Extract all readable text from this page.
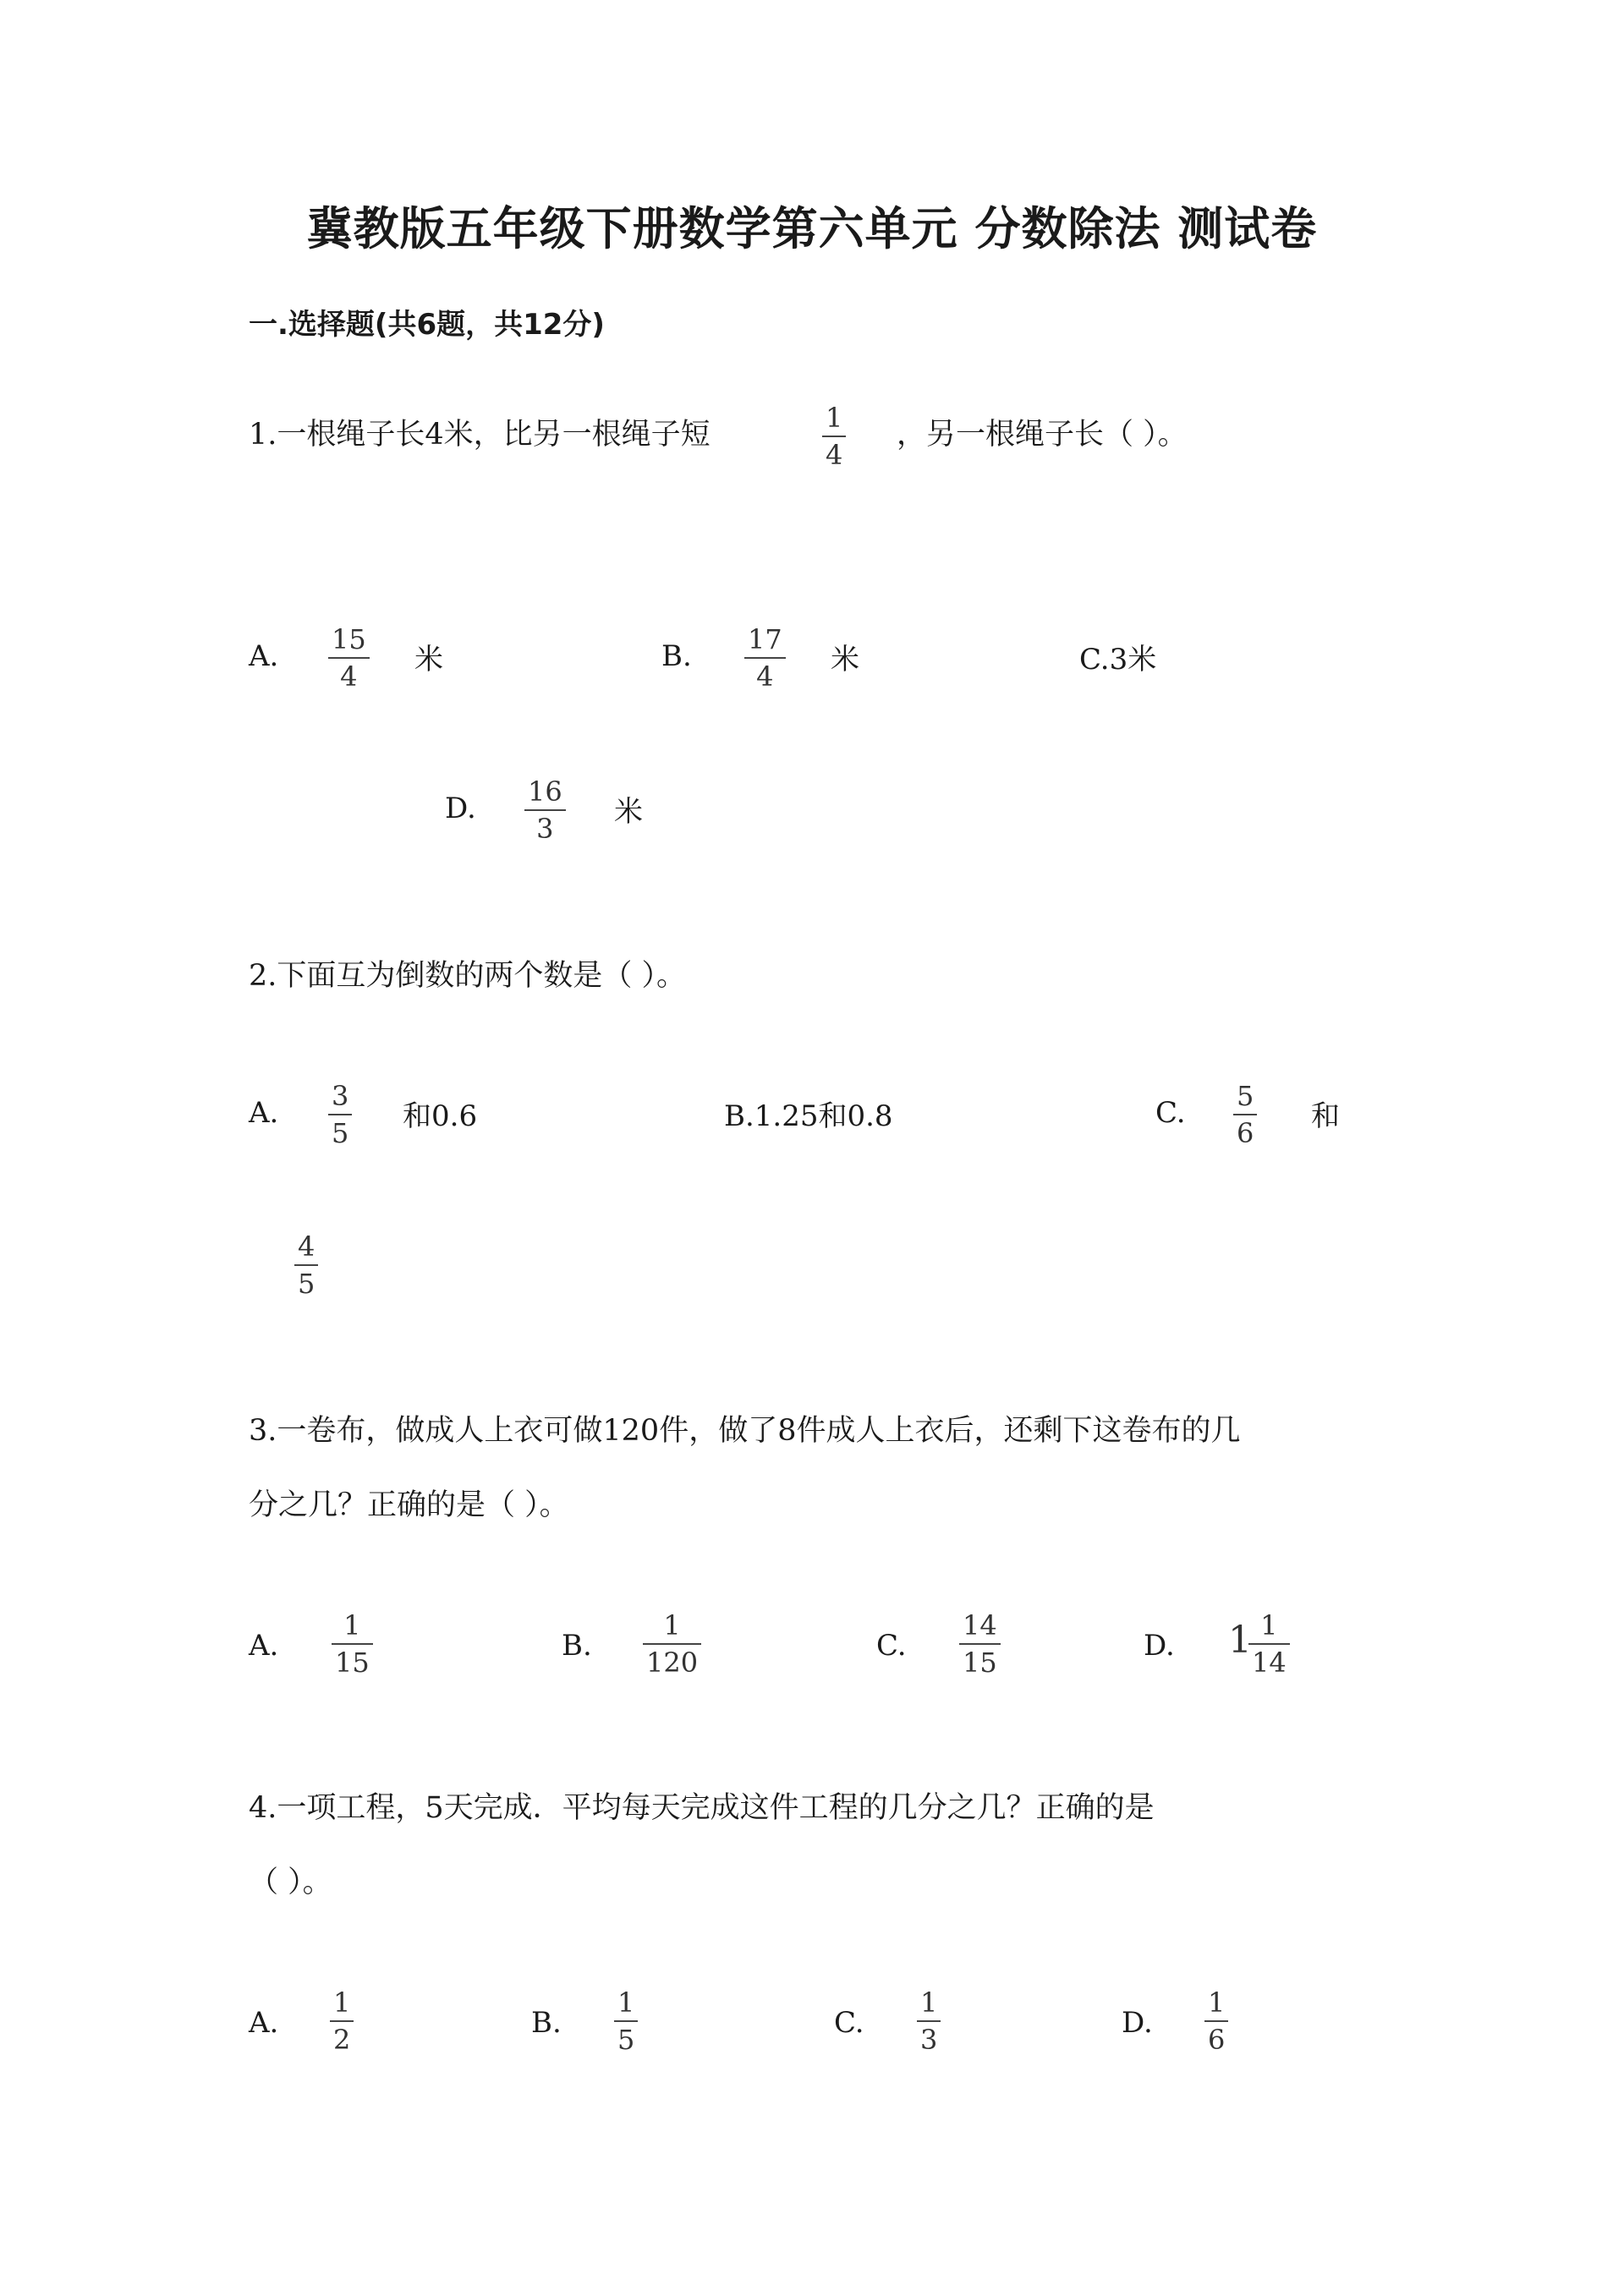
冀教版五年级下册数学第六单元 分数除法 测试卷
一.选择题(共6题，共12分)
1.一根绳子长4米，比另一根绳子短	1
4
，另一根绳子长（ ）。
A. 15
4 米	B. 17
4 米	C.3米
D. 16
3 米
2.下面互为倒数的两个数是（ ）。
A. 3
5 和0.6	B.1.25和0.8	C. 5
6 和
4
5
3.一卷布，做成人上衣可做120件，做了8件成人上衣后，还剩下这卷布的几
分之几？正确的是（ ）。
A.
1
15	B.
1
120	C.
14
15	D. 1 1
14
4.一项工程，5天完成．平均每天完成这件工程的几分之几？正确的是
（ ）。
A.
1
2	B.
1
5	C.
1
3	D.
1
6
